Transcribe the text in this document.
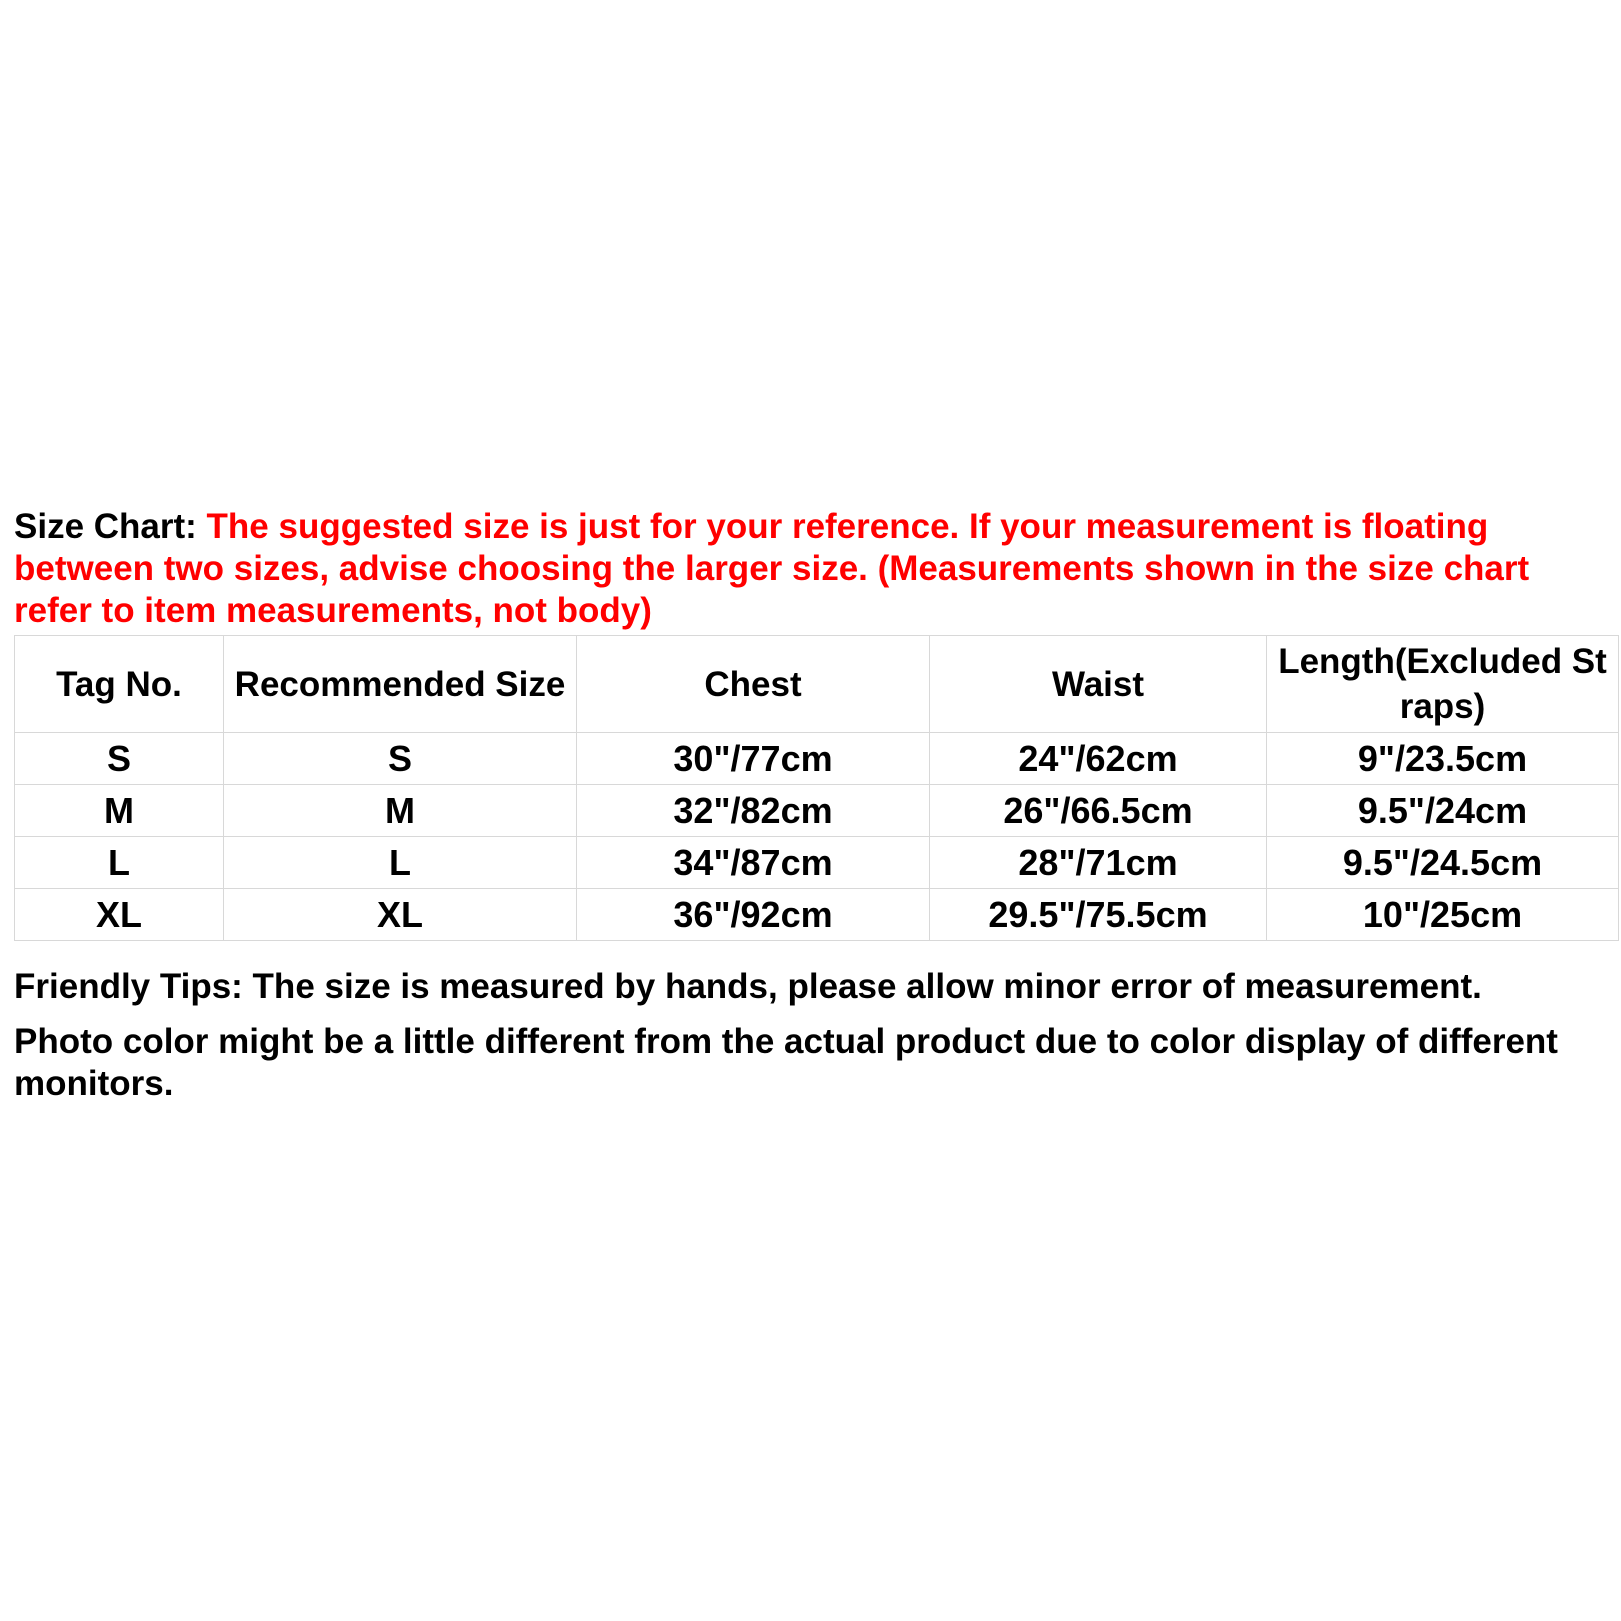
Size Chart: The suggested size is just for your reference. If your measurement is floating between two sizes, advise choosing the larger size. (Measurements shown in the size chart refer to item measurements, not body)
Tag No.	Recommended Size	Chest	Waist	Length(Excluded Straps)
S	S	30"/77cm	24"/62cm	9"/23.5cm
M	M	32"/82cm	26"/66.5cm	9.5"/24cm
L	L	34"/87cm	28"/71cm	9.5"/24.5cm
XL	XL	36"/92cm	29.5"/75.5cm	10"/25cm
Friendly Tips: The size is measured by hands, please allow minor error of measurement.
Photo color might be a little different from the actual product due to color display of different monitors.
